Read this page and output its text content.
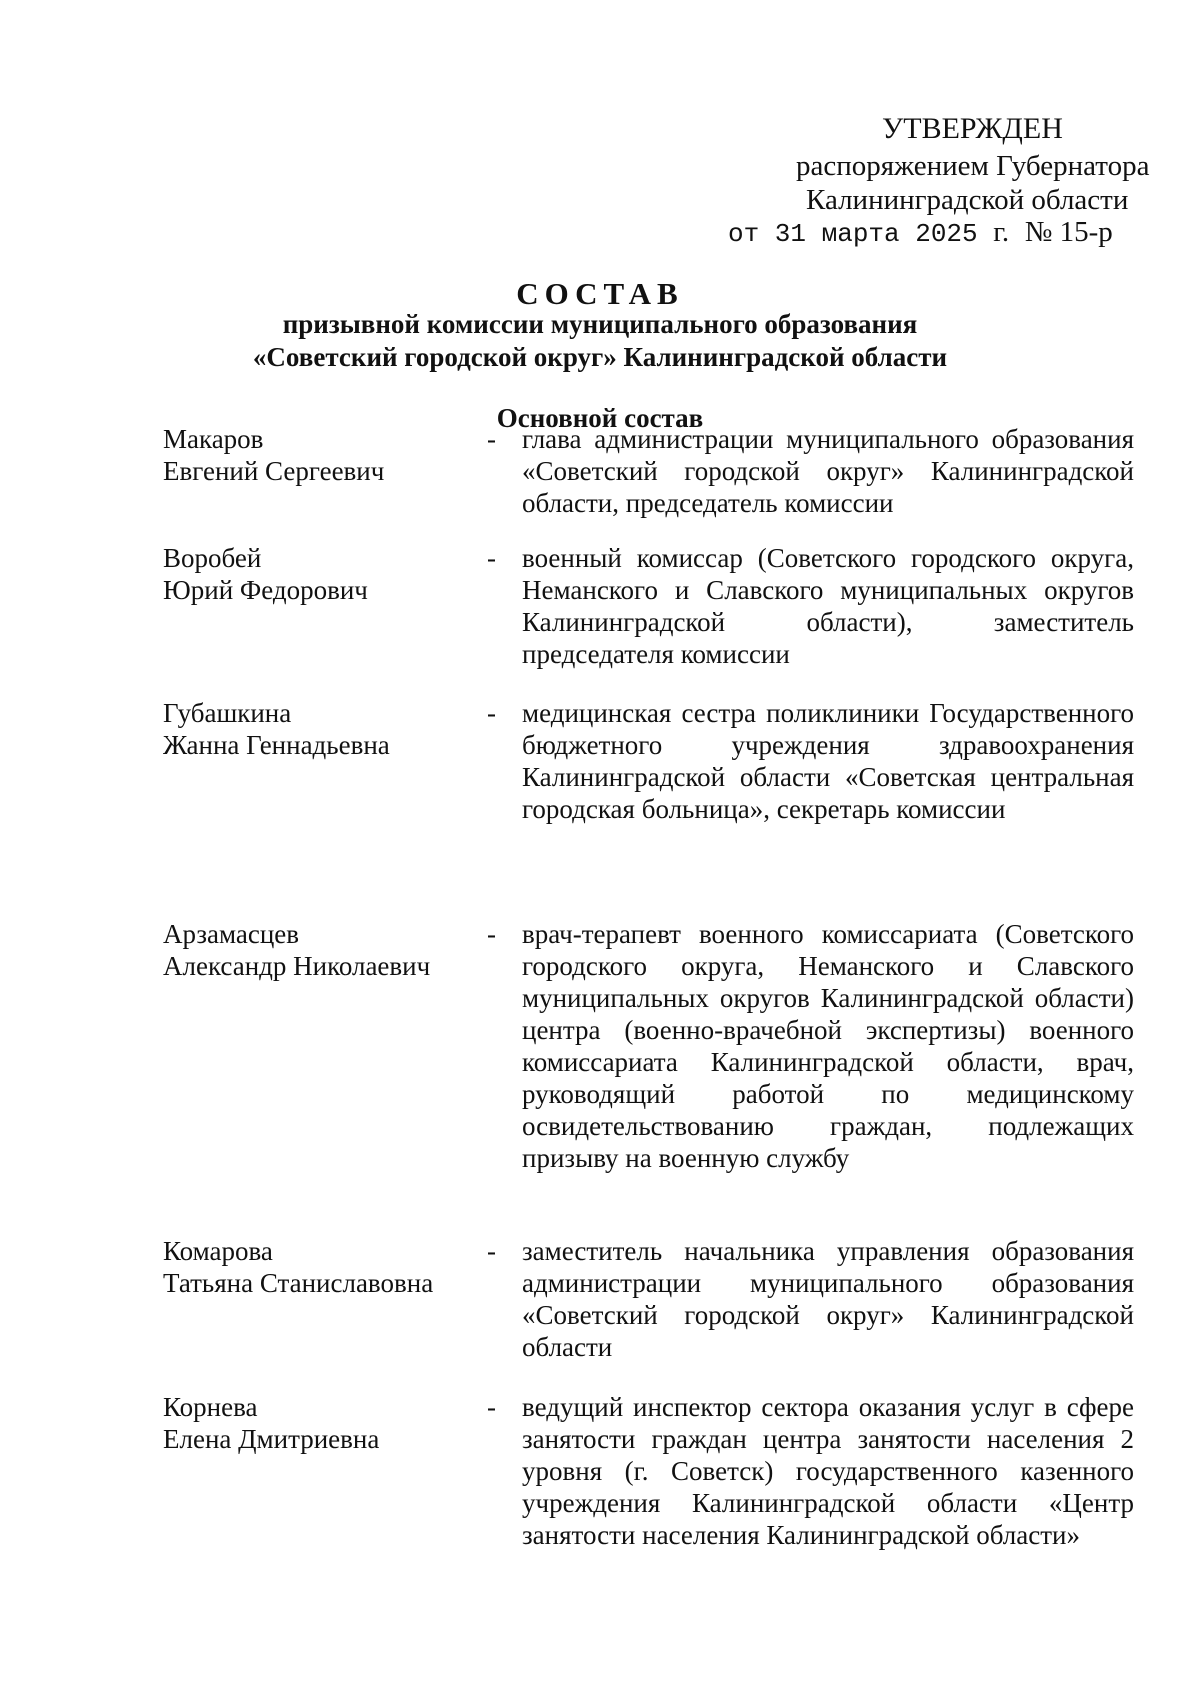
УТВЕРЖДЕН
распоряжением Губернатора
Калининградской области
от 31 марта 2025 г. № 15-р
СОСТАВ
призывной комиссии муниципального образования
«Советский городской округ» Калининградской области
Основной состав
Макаров
Евгений Сергеевич
- глава администрации муниципального образования «Советский городской округ» Калининградской области, председатель комиссии
Воробей
Юрий Федорович
- военный комиссар (Советского городского округа, Неманского и Славского муниципальных округов Калининградской области), заместитель председателя комиссии
Губашкина
Жанна Геннадьевна
- медицинская сестра поликлиники Государственного бюджетного учреждения здравоохранения Калининградской области «Советская центральная городская больница», секретарь комиссии
Арзамасцев
Александр Николаевич
- врач-терапевт военного комиссариата (Советского городского округа, Неманского и Славского муниципальных округов Калининградской области) центра (военно-врачебной экспертизы) военного комиссариата Калининградской области, врач, руководящий работой по медицинскому освидетельствованию граждан, подлежащих призыву на военную службу
Комарова
Татьяна Станиславовна
- заместитель начальника управления образования администрации муниципального образования «Советский городской округ» Калининградской области
Корнева
Елена Дмитриевна
- ведущий инспектор сектора оказания услуг в сфере занятости граждан центра занятости населения 2 уровня (г. Советск) государственного казенного учреждения Калининградской области «Центр занятости населения Калининградской области»
